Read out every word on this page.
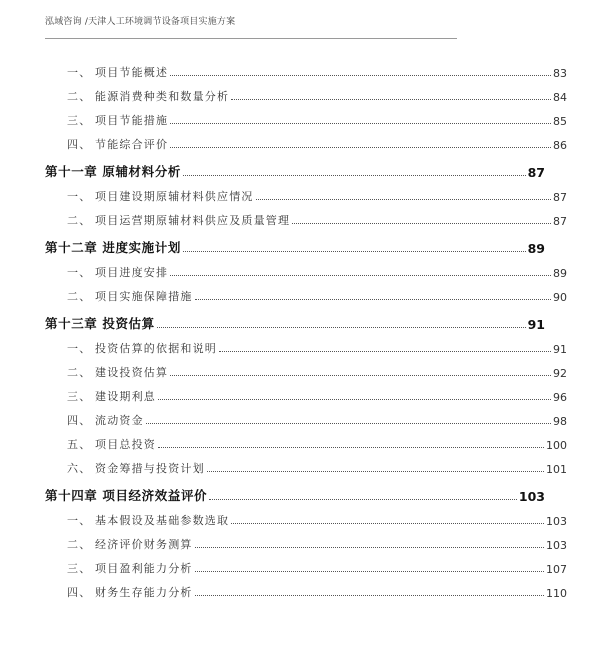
泓域咨询 /天津人工环境调节设备项目实施方案
一、 项目节能概述	83
二、 能源消费种类和数量分析	84
三、 项目节能措施	85
四、 节能综合评价	86
第十一章 原辅材料分析	87
一、 项目建设期原辅材料供应情况	87
二、 项目运营期原辅材料供应及质量管理	87
第十二章 进度实施计划	89
一、 项目进度安排	89
二、 项目实施保障措施	90
第十三章 投资估算	91
一、 投资估算的依据和说明	91
二、 建设投资估算	92
三、 建设期利息	96
四、 流动资金	98
五、 项目总投资	100
六、 资金筹措与投资计划	101
第十四章 项目经济效益评价	103
一、 基本假设及基础参数选取	103
二、 经济评价财务测算	103
三、 项目盈利能力分析	107
四、 财务生存能力分析	110
